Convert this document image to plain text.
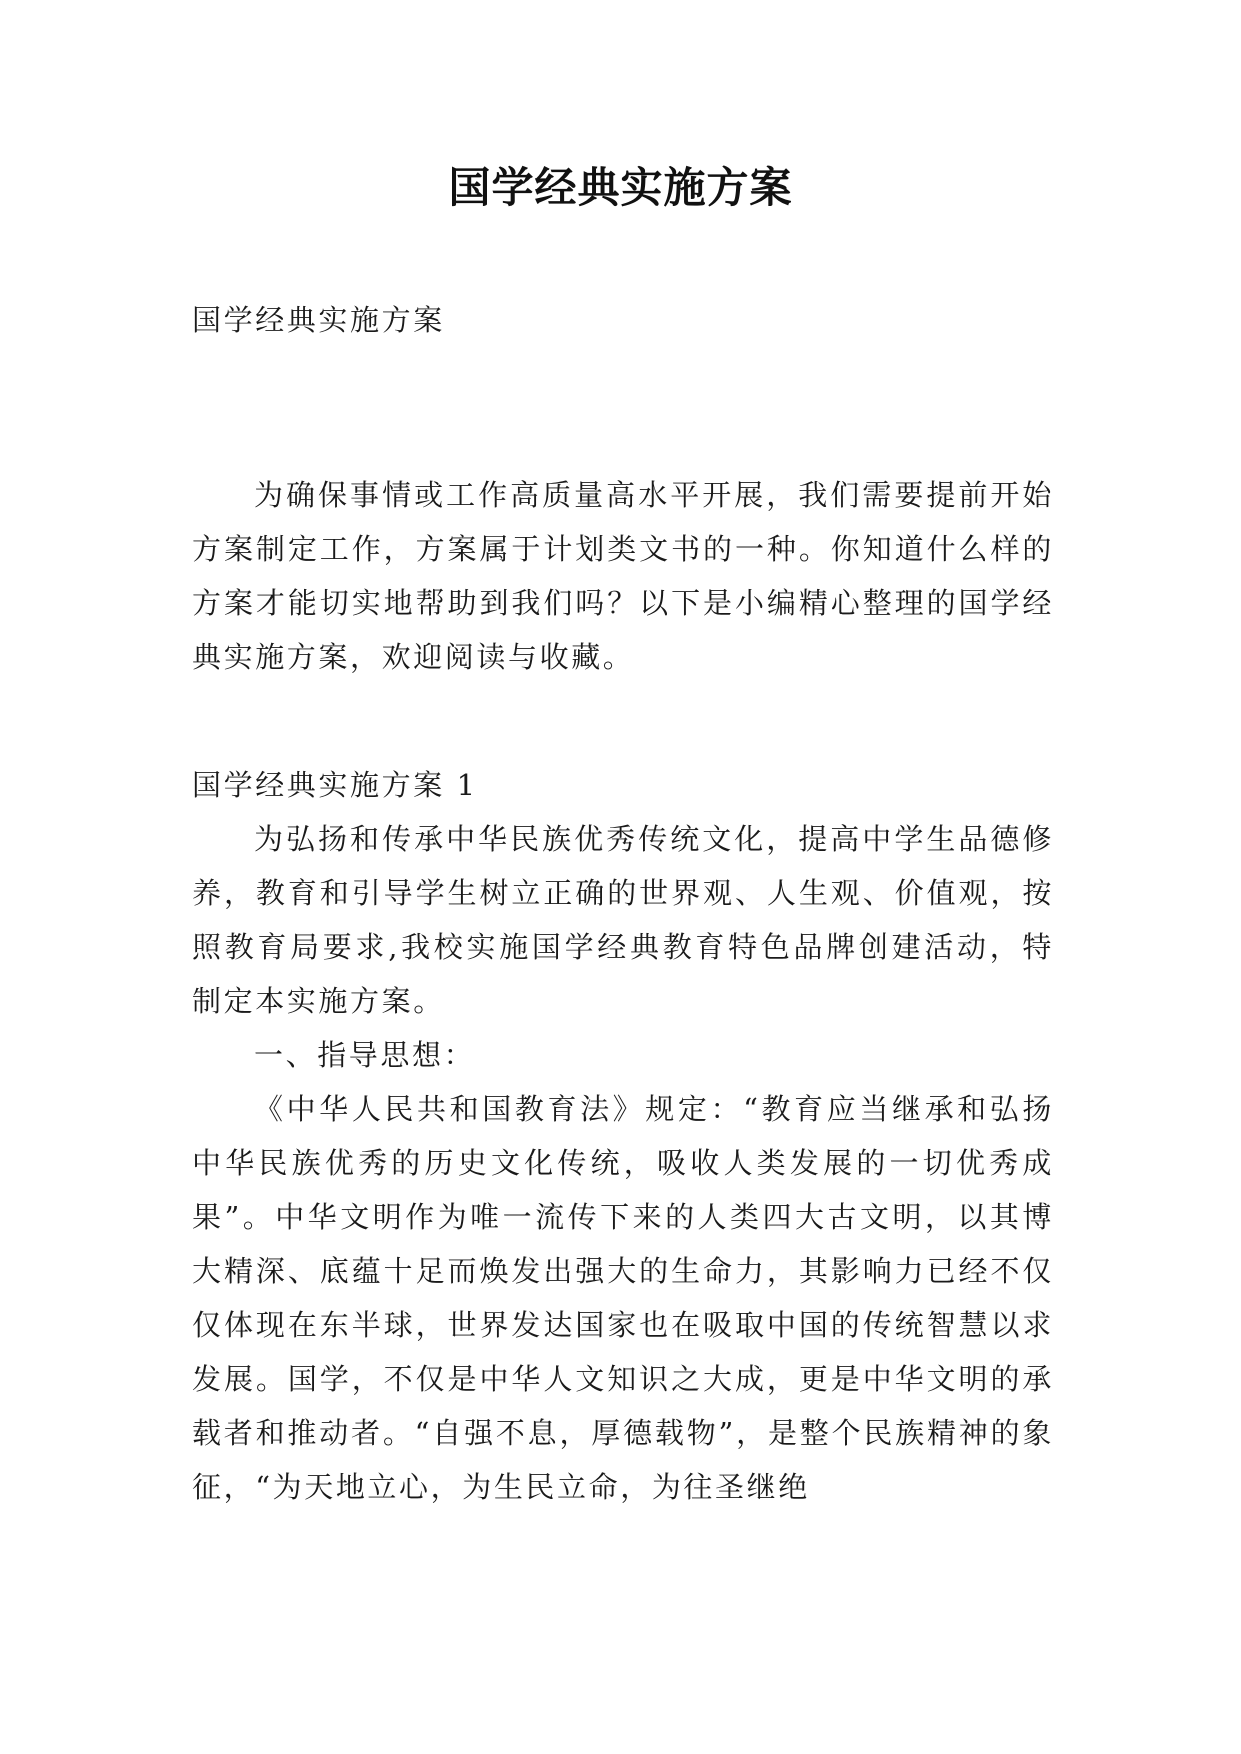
国学经典实施方案

国学经典实施方案

为确保事情或工作高质量高水平开展，我们需要提前开始方案制定工作，方案属于计划类文书的一种。你知道什么样的方案才能切实地帮助到我们吗？以下是小编精心整理的国学经典实施方案，欢迎阅读与收藏。

国学经典实施方案 1

为弘扬和传承中华民族优秀传统文化，提高中学生品德修养，教育和引导学生树立正确的世界观、人生观、价值观，按照教育局要求,我校实施国学经典教育特色品牌创建活动，特制定本实施方案。

一、指导思想：

《中华人民共和国教育法》规定：“教育应当继承和弘扬中华民族优秀的历史文化传统，吸收人类发展的一切优秀成果”。中华文明作为唯一流传下来的人类四大古文明，以其博大精深、底蕴十足而焕发出强大的生命力，其影响力已经不仅仅体现在东半球，世界发达国家也在吸取中国的传统智慧以求发展。国学，不仅是中华人文知识之大成，更是中华文明的承载者和推动者。“自强不息，厚德载物”，是整个民族精神的象征，“为天地立心，为生民立命，为往圣继绝
